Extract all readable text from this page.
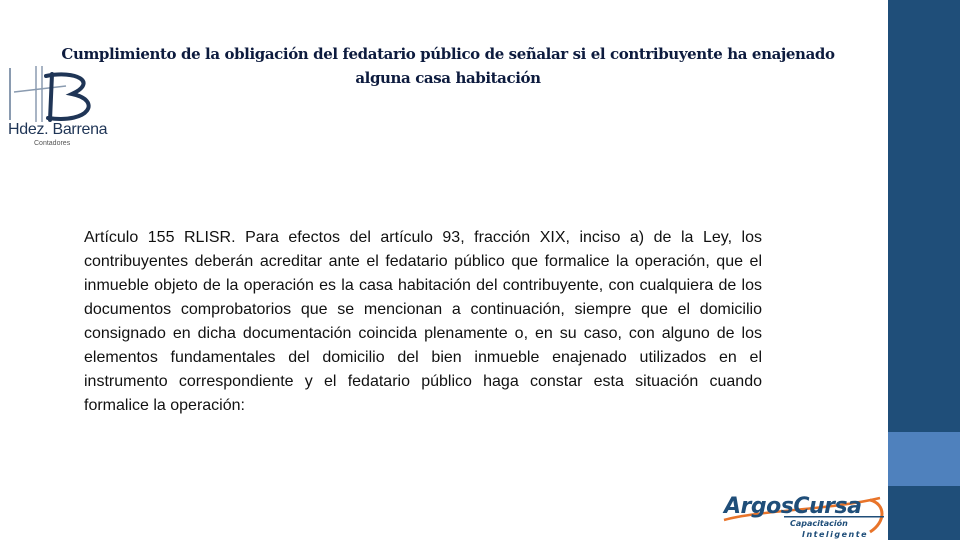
Cumplimiento de la obligación del fedatario público de señalar si el contribuyente ha enajenado alguna casa habitación
Hdez. Barrena
Contadores
Artículo 155 RLISR. Para efectos del artículo 93, fracción XIX, inciso a) de la Ley, los contribuyentes deberán acreditar ante el fedatario público que formalice la operación, que el inmueble objeto de la operación es la casa habitación del contribuyente, con cualquiera de los documentos comprobatorios que se mencionan a continuación, siempre que el domicilio consignado en dicha documentación coincida plenamente o, en su caso, con alguno de los elementos fundamentales del domicilio del bien inmueble enajenado utilizados en el instrumento correspondiente y el fedatario público haga constar esta situación cuando formalice la operación:
ArgosCursa
Capacitación
Inteligente
